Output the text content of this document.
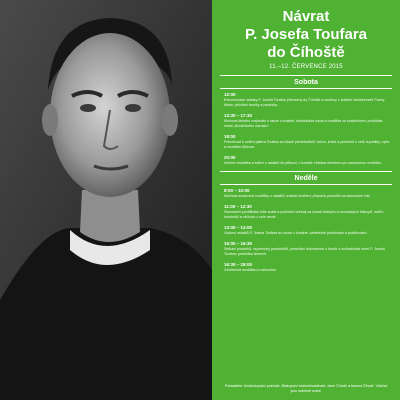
Návrat
P. Josefa Toufara
do Číhoště
11.–12. ČERVENCE 2015
Sobota
12:00
Exhumované ostatky P. Josefa Toufara přivezeny do Číhoště a uloženy v kostele Nanebevzetí Panny Marie; přivítání farníky a poutníky.
13:30 – 17:30
Možnost tichého rozjímání u rakve v kostele; bohoslužba slova a modlitba za svatořečení; prohlídka místa ‚číhošťského zázraku‘.
18:00
Pobožnost k uctění pátera Toufara za účasti představitelů církve, kněží a poutníků z celé republiky; zpěv a modlitba růžence.
20:00
Večerní modlitba a bdění u ostatků do půlnoci; v kostele zůstává otevřeno pro soukromou modlitbu.
Neděle
8:00 – 10:00
Možnost soukromé modlitby u ostatků; svátost smíření; příprava poutníků na slavnostní mši.
11:00 – 12:30
Slavnostní pontifikální mše svatá a pohřební obřady za účasti českých a moravských biskupů, kněží, řeholníků a věřících z celé země.
13:00 – 14:00
Uložení ostatků P. Josefa Toufara do hrobu v kostele; závěrečné požehnání a poděkování.
15:00 – 16:30
Setkání poutníků, vzpomínky pamětníků, promítání dokumentu o životě a mučednické smrti P. Josefa Toufara; prohlídka farnosti.
16:30 – 18:00
Závěrečná modlitba a rozloučení.
Pořadatelé: Arcibiskupství pražské, Biskupství královéhradecké, obec Číhošť a farnost Číhošť. Všichni jsou srdečně zváni.
